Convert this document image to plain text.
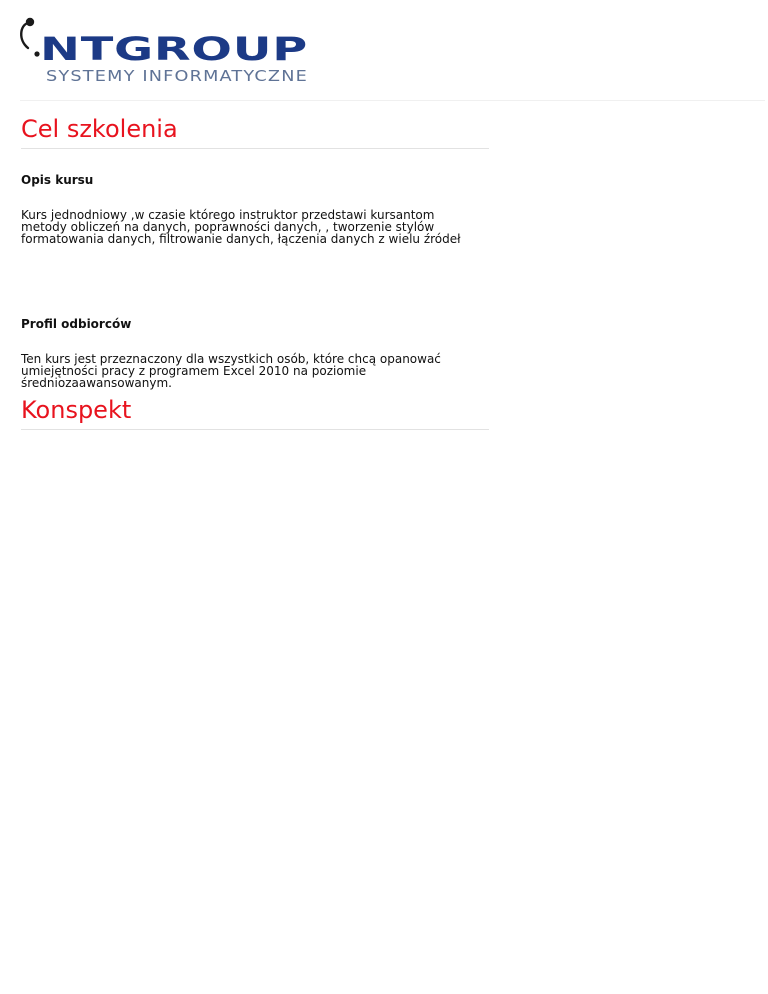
NTGROUP
SYSTEMY INFORMATYCZNE
Cel szkolenia
Opis kursu

Kurs jednodniowy ,w czasie którego instruktor przedstawi kursantom metody obliczeń na danych, poprawności danych, , tworzenie stylów formatowania danych, filtrowanie danych, łączenia danych z wielu źródeł

Profil odbiorców

Ten kurs jest przeznaczony dla wszystkich osób, które chcą opanować umiejętności pracy z programem Excel 2010 na poziomie średniozaawansowanym.

Konspekt
